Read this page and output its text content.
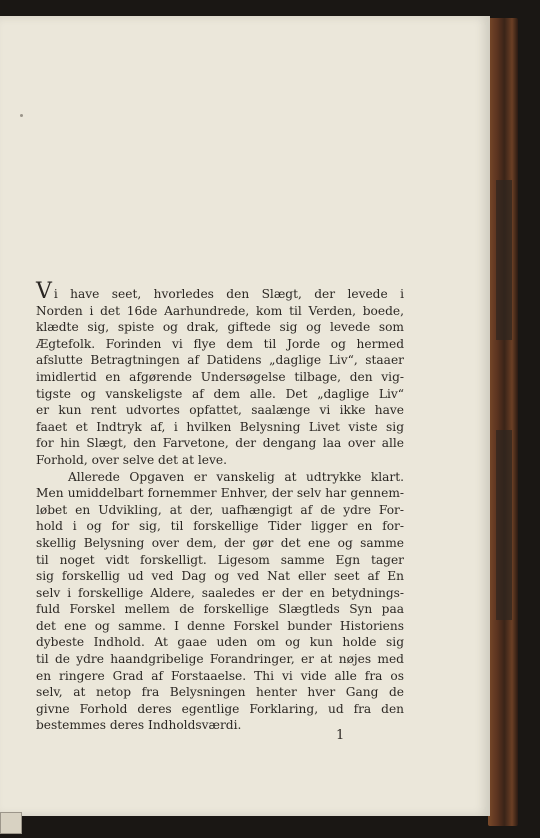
Vi have seet, hvorledes den Slægt, der levede i
Norden i det 16de Aarhundrede, kom til Verden, boede,
klædte sig, spiste og drak, giftede sig og levede som
Ægtefolk. Forinden vi flye dem til Jorde og hermed
afslutte Betragtningen af Datidens „daglige Liv“, staaer
imidlertid en afgørende Undersøgelse tilbage, den vig-
tigste og vanskeligste af dem alle. Det „daglige Liv“
er kun rent udvortes opfattet, saalænge vi ikke have
faaet et Indtryk af, i hvilken Belysning Livet viste sig
for hin Slægt, den Farvetone, der dengang laa over alle
Forhold, over selve det at leve.
Allerede Opgaven er vanskelig at udtrykke klart.
Men umiddelbart fornemmer Enhver, der selv har gennem-
løbet en Udvikling, at der, uafhængigt af de ydre For-
hold i og for sig, til forskellige Tider ligger en for-
skellig Belysning over dem, der gør det ene og samme
til noget vidt forskelligt. Ligesom samme Egn tager
sig forskellig ud ved Dag og ved Nat eller seet af En
selv i forskellige Aldere, saaledes er der en betydnings-
fuld Forskel mellem de forskellige Slægtleds Syn paa
det ene og samme. I denne Forskel bunder Historiens
dybeste Indhold. At gaae uden om og kun holde sig
til de ydre haandgribelige Forandringer, er at nøjes med
en ringere Grad af Forstaaelse. Thi vi vide alle fra os
selv, at netop fra Belysningen henter hver Gang de
givne Forhold deres egentlige Forklaring, ud fra den
bestemmes deres Indholdsværdi.
1
